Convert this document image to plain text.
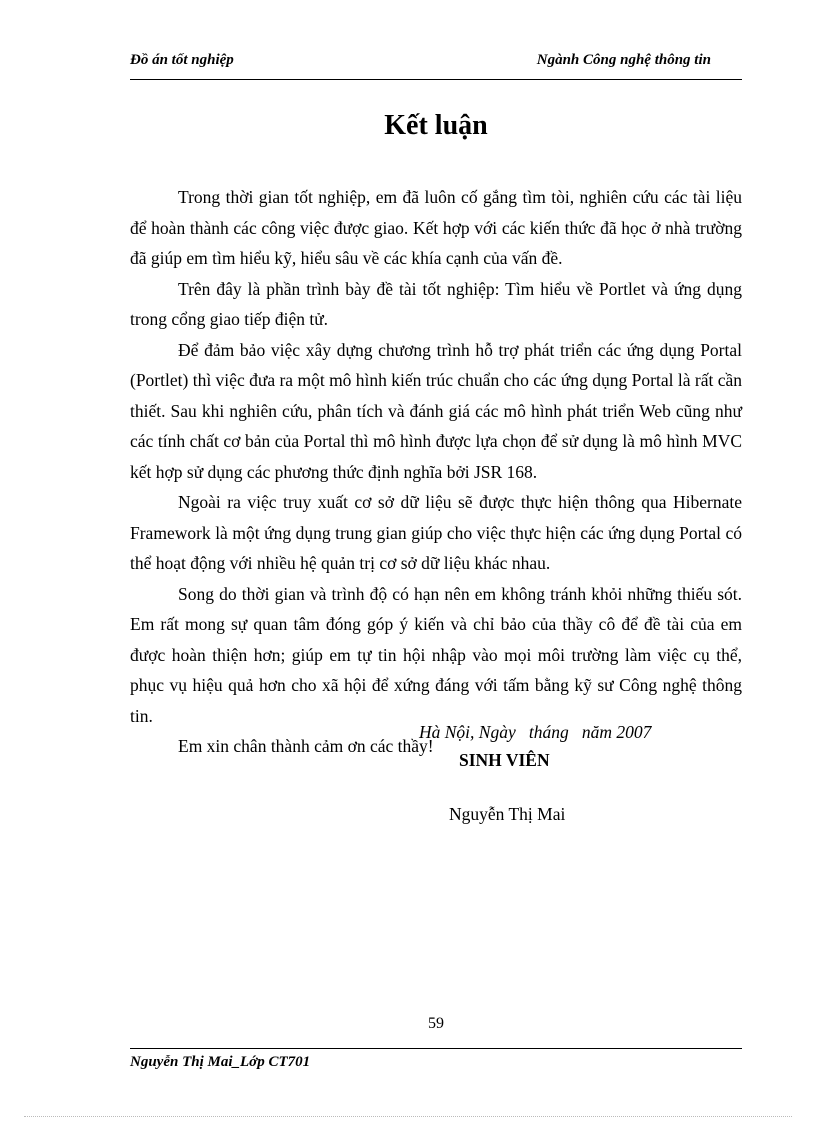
Đồ án tốt nghiệp	Ngành Công nghệ thông tin
Kết luận

Trong thời gian tốt nghiệp, em đã luôn cố gắng tìm tòi, nghiên cứu các tài liệu để hoàn thành các công việc được giao. Kết hợp với các kiến thức đã học ở nhà trường đã giúp em tìm hiểu kỹ, hiểu sâu về các khía cạnh của vấn đề.

Trên đây là phần trình bày đề tài tốt nghiệp: Tìm hiểu về Portlet và ứng dụng trong cổng giao tiếp điện tử.

Để đảm bảo việc xây dựng chương trình hỗ trợ phát triển các ứng dụng Portal (Portlet) thì việc đưa ra một mô hình kiến trúc chuẩn cho các ứng dụng Portal là rất cần thiết. Sau khi nghiên cứu, phân tích và đánh giá các mô hình phát triển Web cũng như các tính chất cơ bản của Portal thì mô hình được lựa chọn để sử dụng là mô hình MVC kết hợp sử dụng các phương thức định nghĩa bởi JSR 168.

Ngoài ra việc truy xuất cơ sở dữ liệu sẽ được thực hiện thông qua Hibernate Framework là một ứng dụng trung gian giúp cho việc thực hiện các ứng dụng Portal có thể hoạt động với nhiều hệ quản trị cơ sở dữ liệu khác nhau.

Song do thời gian và trình độ có hạn nên em không tránh khỏi những thiếu sót. Em rất mong sự quan tâm đóng góp ý kiến và chỉ bảo của thầy cô để đề tài của em được hoàn thiện hơn; giúp em tự tin hội nhập vào mọi môi trường làm việc cụ thể, phục vụ hiệu quả hơn cho xã hội để xứng đáng với tấm bằng kỹ sư Công nghệ thông tin.

Em xin chân thành cảm ơn các thầy!

Hà Nội, Ngày   tháng   năm 2007
SINH VIÊN
Nguyễn Thị Mai
59
Nguyễn Thị Mai_Lớp CT701
